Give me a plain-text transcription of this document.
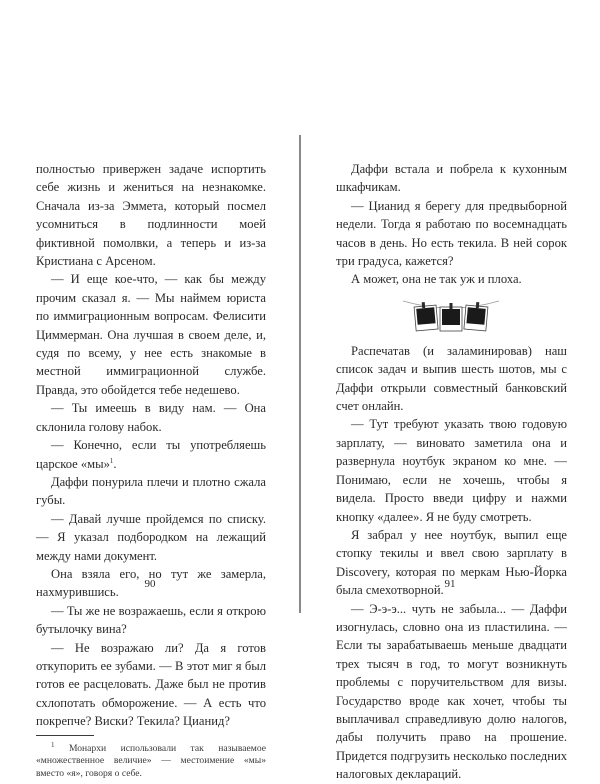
полностью привержен задаче испортить себе жизнь и жениться на незнакомке. Сначала из-за Эммета, который посмел усомниться в подлинности моей фиктивной помолвки, а теперь и из-за Кристиана с Арсеном.

— И еще кое-что, — как бы между прочим сказал я. — Мы наймем юриста по иммиграционным вопросам. Фелисити Циммерман. Она лучшая в своем деле, и, судя по всему, у нее есть знакомые в местной иммиграционной службе. Правда, это обойдется тебе недешево.

— Ты имеешь в виду нам. — Она склонила голову набок.

— Конечно, если ты употребляешь царское «мы»$^1$.

Даффи понурила плечи и плотно сжала губы.

— Давай лучше пройдемся по списку. — Я указал подбородком на лежащий между нами документ.

Она взяла его, но тут же замерла, нахмурившись.

— Ты же не возражаешь, если я открою бутылочку вина?

— Не возражаю ли? Да я готов откупорить ее зубами. — В этот миг я был готов ее расцеловать. Даже был не против схлопотать обморожение. — А есть что покрепче? Виски? Текила? Цианид?

$^1$ Монархи использовали так называемое «множественное величие» — местоимение «мы» вместо «я», говоря о себе.

90

Даффи встала и побрела к кухонным шкафчикам.

— Цианид я берегу для предвыборной недели. Тогда я работаю по восемнадцать часов в день. Но есть текила. В ней сорок три градуса, кажется?

А может, она не так уж и плоха.

Распечатав (и заламинировав) наш список задач и выпив шесть шотов, мы с Даффи открыли совместный банковский счет онлайн.

— Тут требуют указать твою годовую зарплату, — виновато заметила она и развернула ноутбук экраном ко мне. — Понимаю, если не хочешь, чтобы я видела. Просто введи цифру и нажми кнопку «далее». Я не буду смотреть.

Я забрал у нее ноутбук, выпил еще стопку текилы и ввел свою зарплату в Discovery, которая по меркам Нью-Йорка была смехотворной.

— Э-э-э... чуть не забыла... — Даффи изогнулась, словно она из пластилина. — Если ты зарабатываешь меньше двадцати трех тысяч в год, то могут возникнуть проблемы с поручительством для визы. Государство вроде как хочет, чтобы ты выплачивал справедливую долю налогов, дабы получить право на прошение. Придется подгрузить несколько последних налоговых деклараций.

91
